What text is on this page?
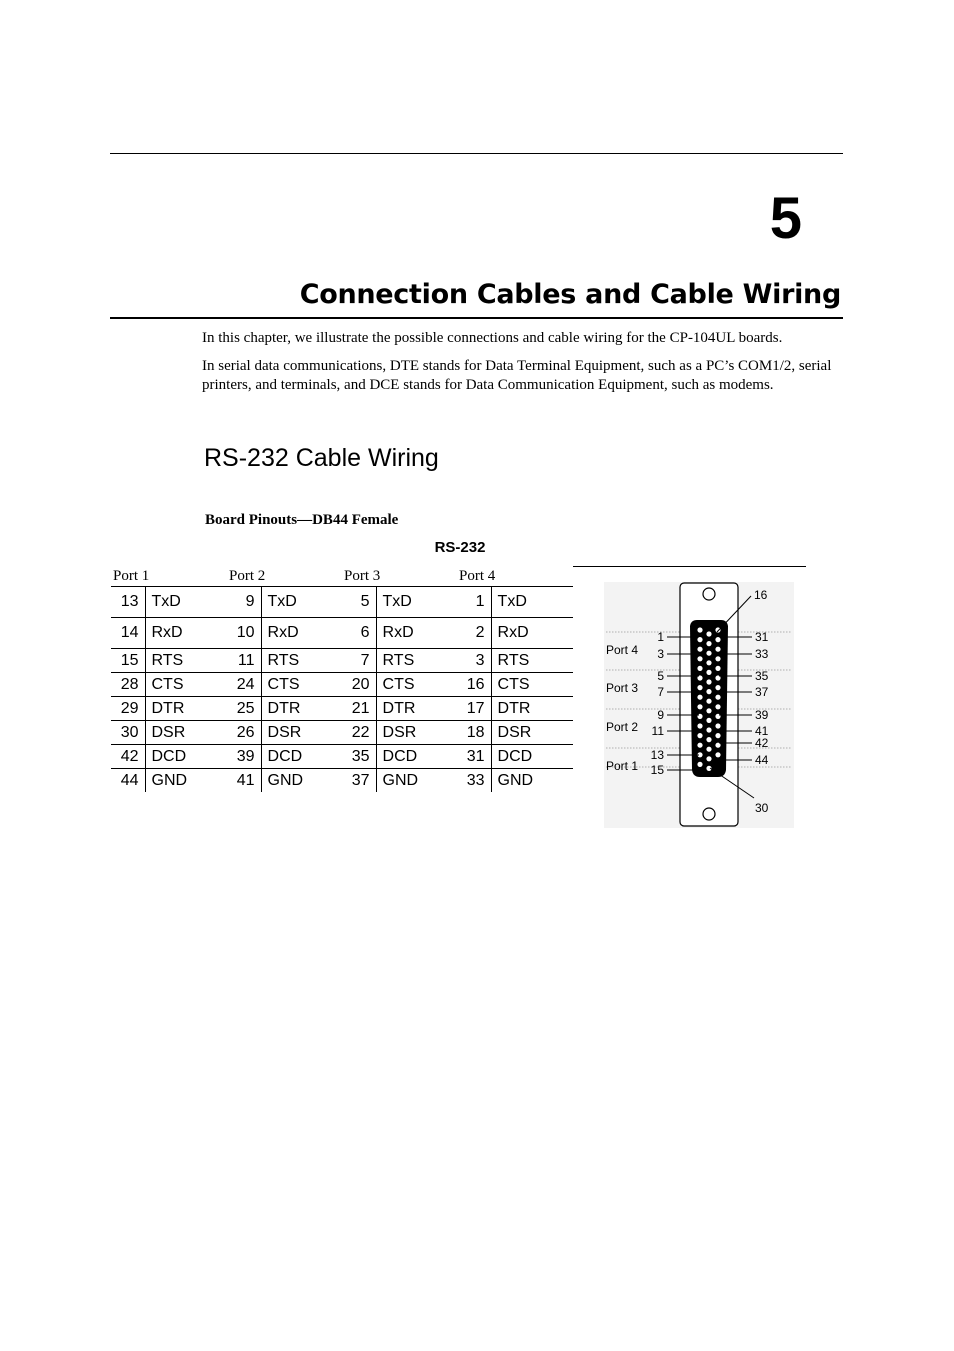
5
Connection Cables and Cable Wiring

In this chapter, we illustrate the possible connections and cable wiring for the CP-104UL boards.

In serial data communications, DTE stands for Data Terminal Equipment, such as a PC’s COM1/2, serial printers, and terminals, and DCE stands for Data Communication Equipment, such as modems.

RS-232 Cable Wiring
Board Pinouts—DB44 Female
RS-232
Port 1		Port 2		Port 3		Port 4	
13	TxD	9	TxD	5	TxD	1	TxD
14	RxD	10	RxD	6	RxD	2	RxD
15	RTS	11	RTS	7	RTS	3	RTS
28	CTS	24	CTS	20	CTS	16	CTS
29	DTR	25	DTR	21	DTR	17	DTR
30	DSR	26	DSR	22	DSR	18	DSR
42	DCD	39	DCD	35	DCD	31	DCD
44	GND	41	GND	37	GND	33	GND
Port 4
Port 3
Port 2
Port 1
1
3
5
7
9
11
13
15
31
33
35
37
39
41
42
44
16
30
